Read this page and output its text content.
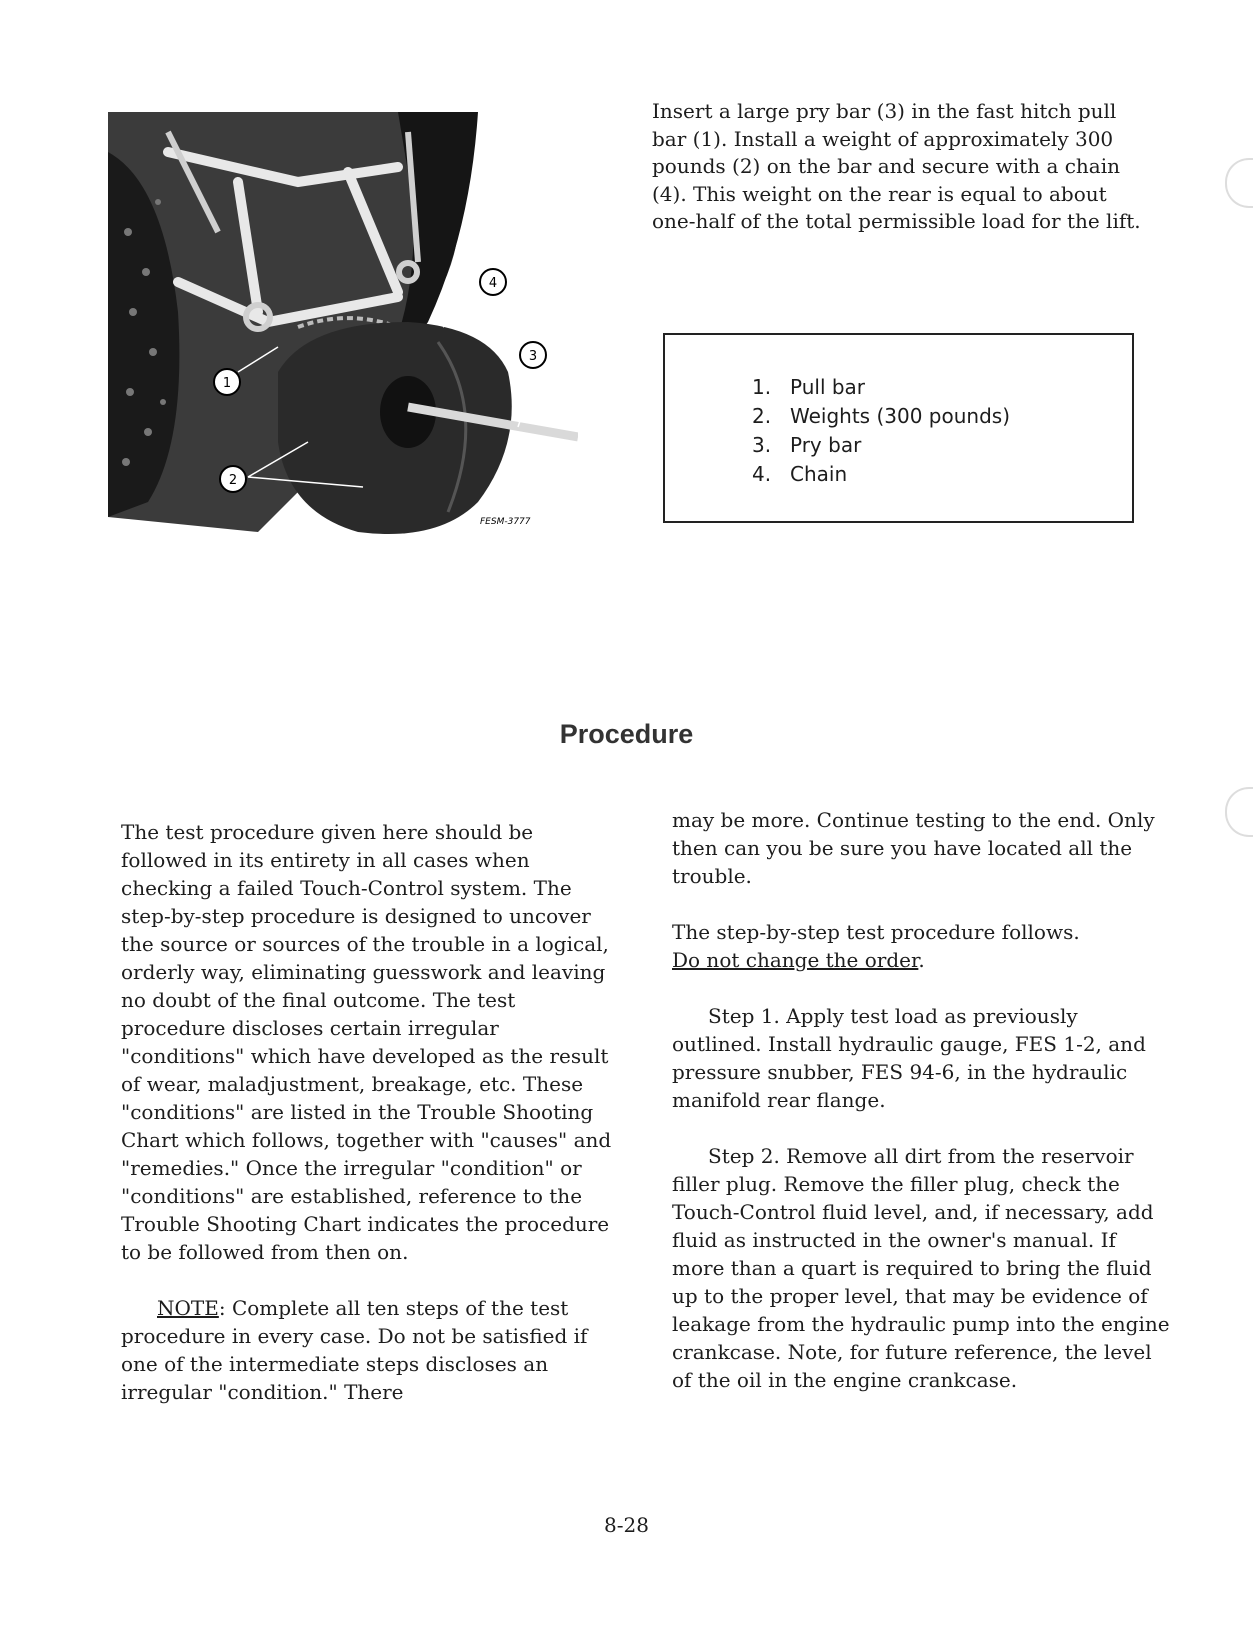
1
2
3
4
FESM-3777

Insert a large pry bar (3) in the fast hitch pull bar (1). Install a weight of approximately 300 pounds (2) on the bar and secure with a chain (4). This weight on the rear is equal to about one-half of the total permissible load for the lift.

1. Pull bar
2. Weights (300 pounds)
3. Pry bar
4. Chain
Procedure

The test procedure given here should be followed in its entirety in all cases when checking a failed Touch-Control system. The step-by-step procedure is designed to uncover the source or sources of the trouble in a logical, orderly way, eliminating guesswork and leaving no doubt of the final outcome. The test procedure discloses certain irregular "conditions" which have developed as the result of wear, maladjustment, breakage, etc. These "conditions" are listed in the Trouble Shooting Chart which follows, together with "causes" and "remedies." Once the irregular "condition" or "conditions" are established, reference to the Trouble Shooting Chart indicates the procedure to be followed from then on.

NOTE: Complete all ten steps of the test procedure in every case. Do not be satisfied if one of the intermediate steps discloses an irregular "condition." There

may be more. Continue testing to the end. Only then can you be sure you have located all the trouble.

The step-by-step test procedure follows.
Do not change the order.

Step 1. Apply test load as previously outlined. Install hydraulic gauge, FES 1-2, and pressure snubber, FES 94-6, in the hydraulic manifold rear flange.

Step 2. Remove all dirt from the reservoir filler plug. Remove the filler plug, check the Touch-Control fluid level, and, if necessary, add fluid as instructed in the owner's manual. If more than a quart is required to bring the fluid up to the proper level, that may be evidence of leakage from the hydraulic pump into the engine crankcase. Note, for future reference, the level of the oil in the engine crankcase.

8-28
